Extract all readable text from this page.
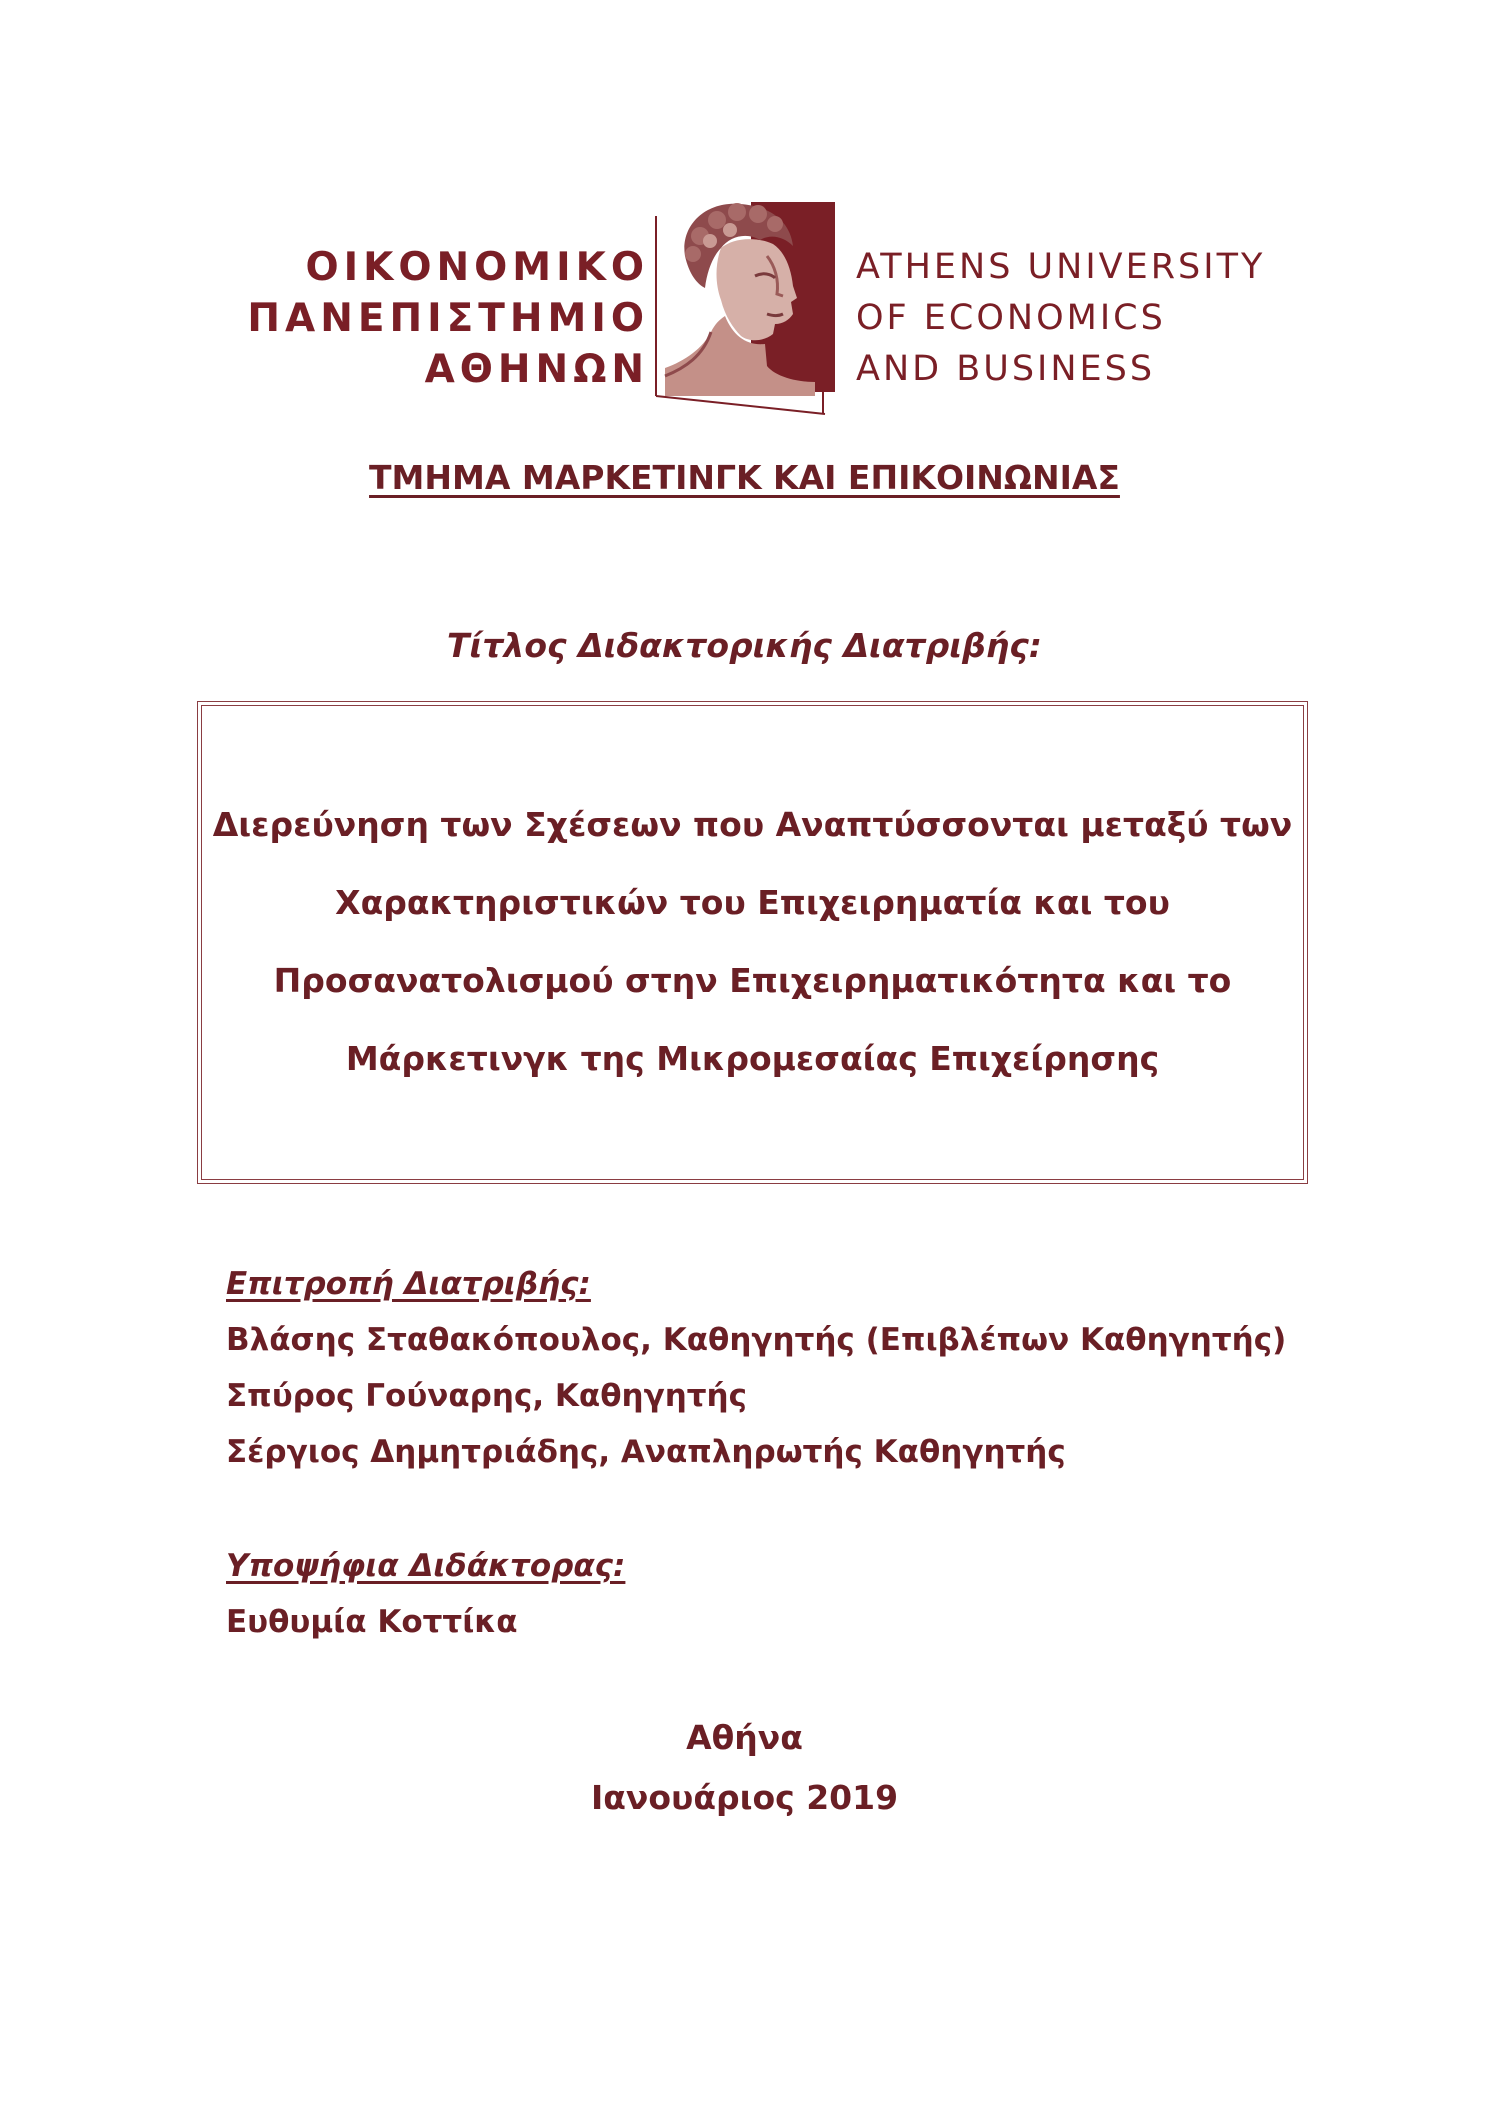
ΟΙΚΟΝΟΜΙΚΟ
ΠΑΝΕΠΙΣΤΗΜΙΟ
ΑΘΗΝΩΝ
ATHENS UNIVERSITY
OF ECONOMICS
AND BUSINESS
ΤΜΗΜΑ ΜΑΡΚΕΤΙΝΓΚ ΚΑΙ ΕΠΙΚΟΙΝΩΝΙΑΣ
Τίτλος Διδακτορικής Διατριβής:
Διερεύνηση των Σχέσεων που Αναπτύσσονται μεταξύ των
Χαρακτηριστικών του Επιχειρηματία και του
Προσανατολισμού στην Επιχειρηματικότητα και το
Μάρκετινγκ της Μικρομεσαίας Επιχείρησης
Επιτροπή Διατριβής:
Βλάσης Σταθακόπουλος, Καθηγητής (Επιβλέπων Καθηγητής)
Σπύρος Γούναρης, Καθηγητής
Σέργιος Δημητριάδης, Αναπληρωτής Καθηγητής
Υποψήφια Διδάκτορας:
Ευθυμία Κοττίκα
Αθήνα
Ιανουάριος 2019
